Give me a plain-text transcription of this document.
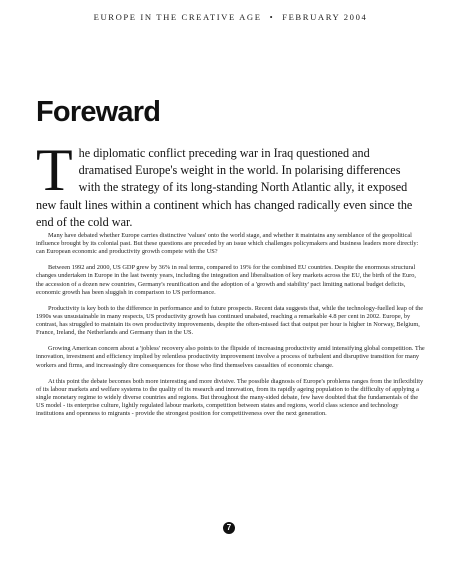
EUROPE IN THE CREATIVE AGE • FEBRUARY 2004
Foreward

The diplomatic conflict preceding war in Iraq questioned and dramatised Europe's weight in the world. In polarising differences with the strategy of its long-standing North Atlantic ally, it exposed new fault lines within a continent which has changed radically even since the end of the cold war.

Many have debated whether Europe carries distinctive 'values' onto the world stage, and whether it maintains any semblance of the geopolitical influence brought by its colonial past. But these questions are preceded by an issue which challenges policymakers and business leaders more directly: can European economic and productivity growth compete with the US?

Between 1992 and 2000, US GDP grew by 36% in real terms, compared to 19% for the combined EU countries. Despite the enormous structural changes undertaken in Europe in the last twenty years, including the integration and liberalisation of key markets across the EU, the birth of the Euro, the accession of a dozen new countries, Germany's reunification and the adoption of a 'growth and stability' pact limiting national budget deficits, economic growth has been sluggish in comparison to US performance.

Productivity is key both to the difference in performance and to future prospects. Recent data suggests that, while the technology-fuelled leap of the 1990s was unsustainable in many respects, US productivity growth has continued unabated, reaching a remarkable 4.8 per cent in 2002. Europe, by contrast, has struggled to maintain its own productivity improvements, despite the often-missed fact that output per hour is higher in Norway, Belgium, France, Ireland, the Netherlands and Germany than in the US.

Growing American concern about a 'jobless' recovery also points to the flipside of increasing productivity amid intensifying global competition. The innovation, investment and efficiency implied by relentless productivity improvement involve a process of turbulent and disruptive transition for many workers and firms, and increasingly dire consequences for those who find themselves casualties of economic change.

At this point the debate becomes both more interesting and more divisive. The possible diagnosis of Europe's problems ranges from the inflexibility of its labour markets and welfare systems to the quality of its research and innovation, from its rapidly ageing population to the difficulty of applying a single monetary regime to widely diverse countries and regions. But throughout the many-sided debate, few have doubted that the fundamentals of the US model - its enterprise culture, lightly regulated labour markets, competition between states and regions, world class science and technology institutions and openness to migrants - provide the strongest position for competitiveness over the next generation.

7
